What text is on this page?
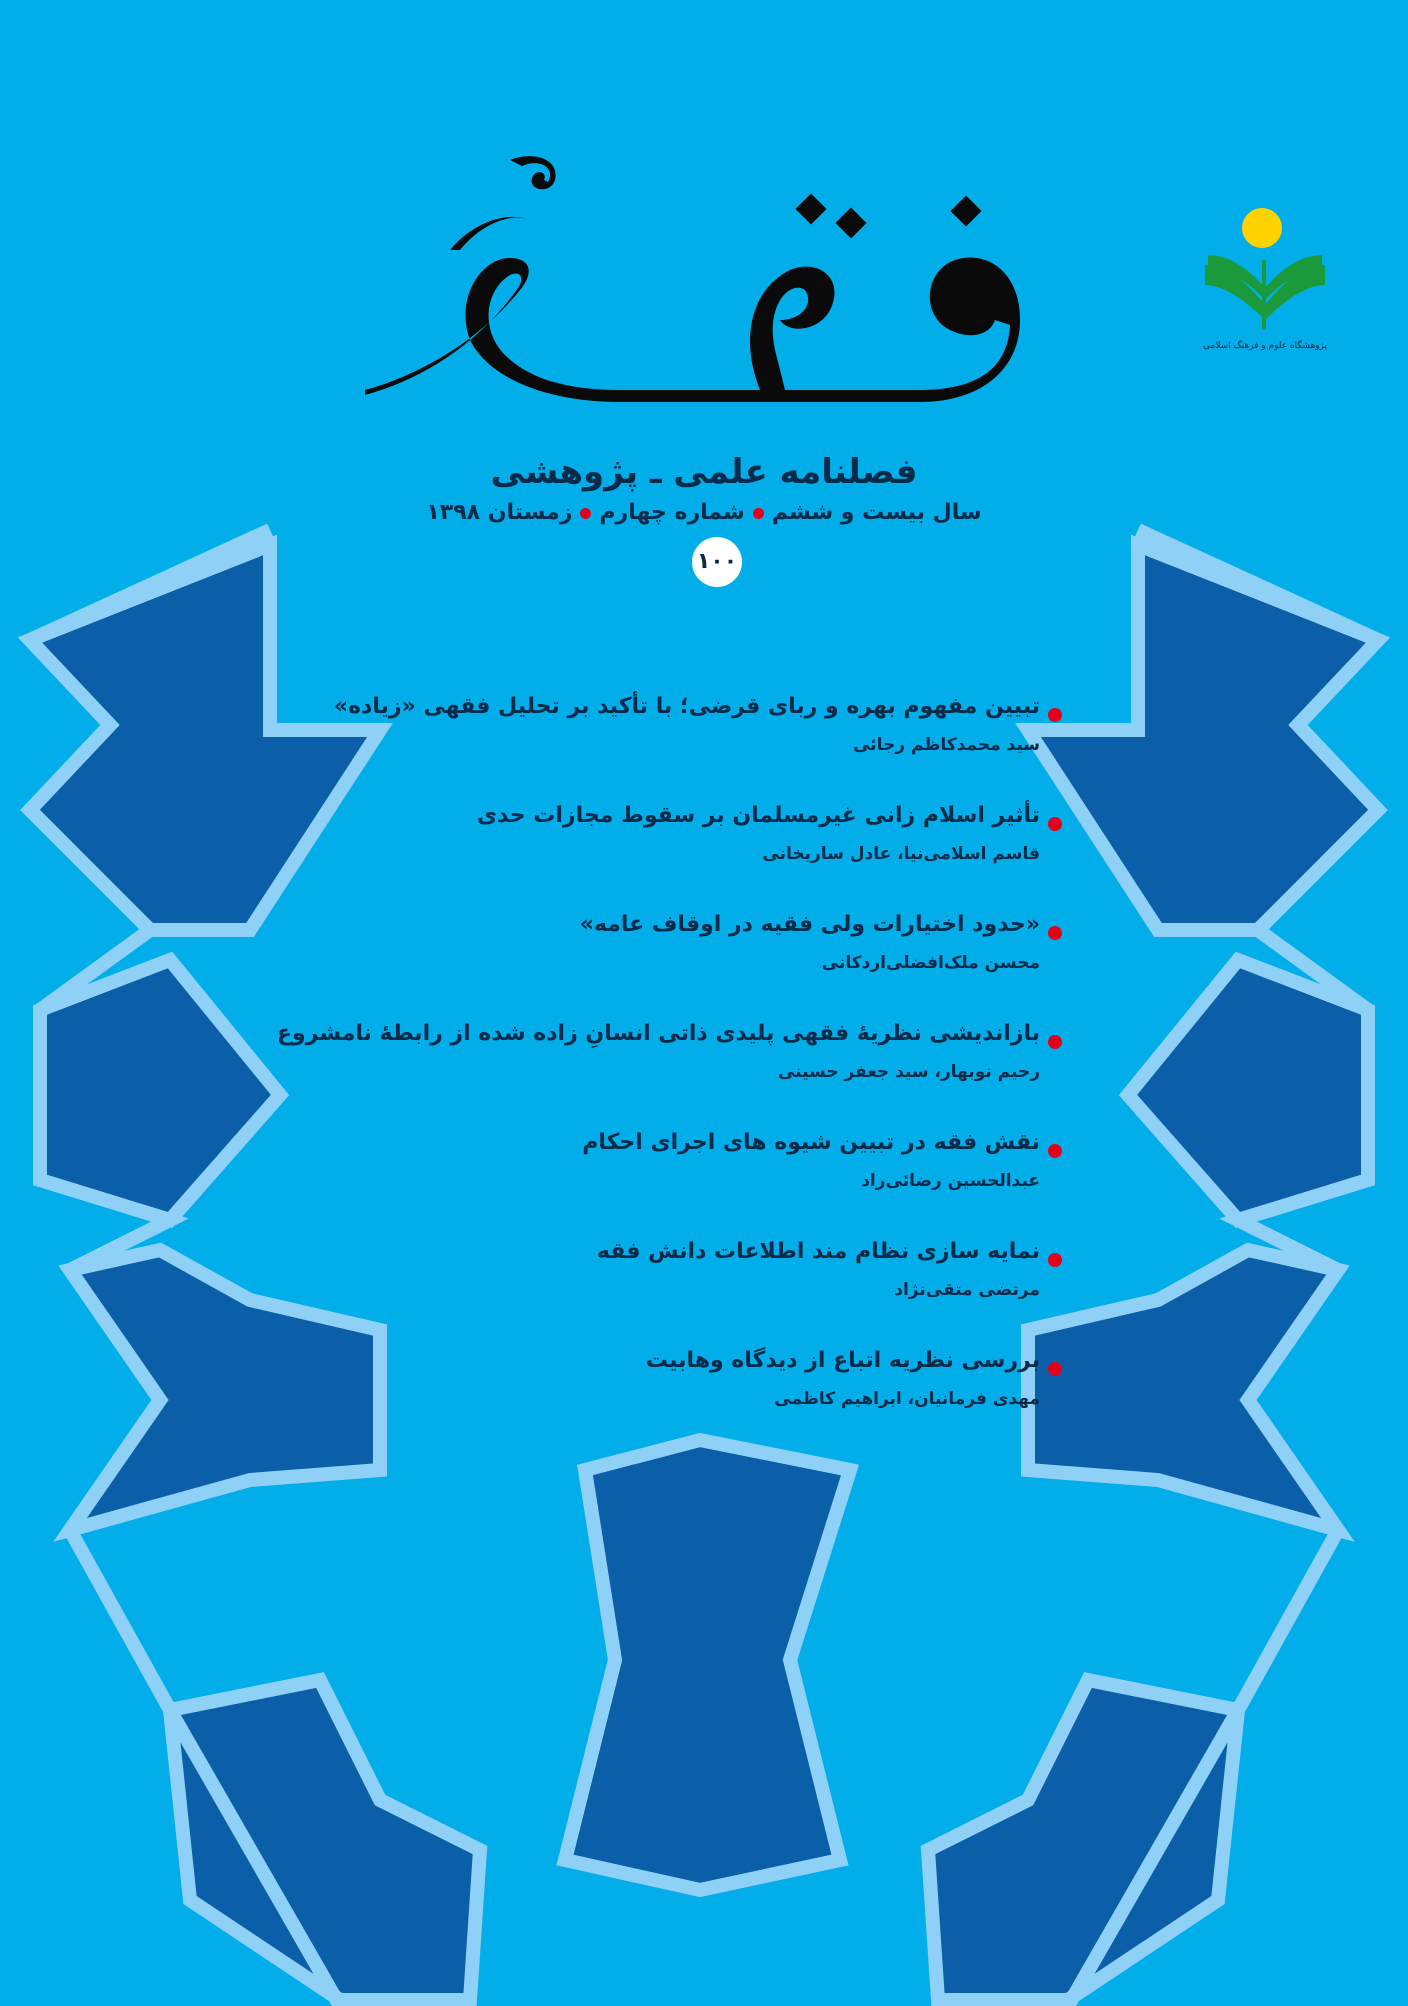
پژوهشگاه علوم و فرهنگ اسلامی
فصلنامه علمی ـ پژوهشی
سال بیست و ششمشماره چهارمزمستان ۱۳۹۸
۱۰۰
تبیین مفهوم بهره و ربای قرضی؛ با تأکید بر تحلیل فقهی «زیاده»
سید محمدکاظم رجائی
تأثیر اسلام زانی غیرمسلمان بر سقوط مجازات حدی
قاسم اسلامی‌نیا، عادل ساریخانی
«حدود اختیارات ولی فقیه در اوقاف عامه»
محسن ملک‌افضلی‌اردکانی
بازاندیشی نظریهٔ فقهی پلیدی ذاتی انسانِ زاده شده از رابطهٔ نامشروع
رحیم نوبهار، سید جعفر حسینی
نقش فقه در تبیین شیوه های اجرای احکام
عبدالحسین رضائی‌راد
نمایه سازی نظام مند اطلاعات دانش فقه
مرتضی متقی‌نژاد
بررسی نظریه اتباع از دیدگاه وهابیت
مهدی فرمانیان، ابراهیم کاظمی
